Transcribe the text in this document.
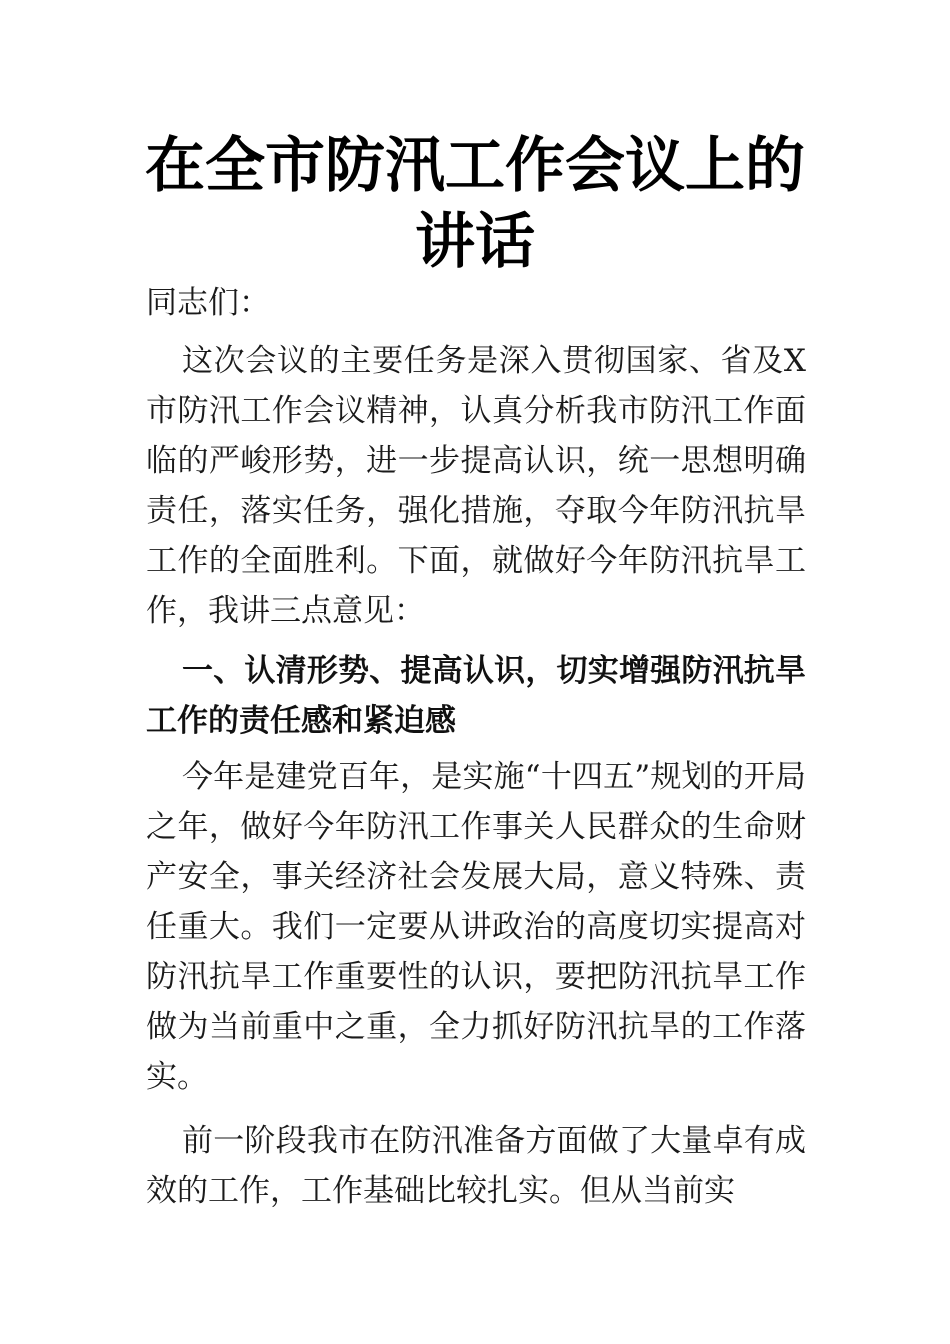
在全市防汛工作会议上的
讲话

同志们：

这次会议的主要任务是深入贯彻国家、省及X市防汛工作会议精神，认真分析我市防汛工作面临的严峻形势，进一步提高认识，统一思想明确责任，落实任务，强化措施，夺取今年防汛抗旱工作的全面胜利。下面，就做好今年防汛抗旱工作，我讲三点意见：

一、认清形势、提高认识，切实增强防汛抗旱工作的责任感和紧迫感

今年是建党百年，是实施“十四五”规划的开局之年，做好今年防汛工作事关人民群众的生命财产安全，事关经济社会发展大局，意义特殊、责任重大。我们一定要从讲政治的高度切实提高对防汛抗旱工作重要性的认识，要把防汛抗旱工作做为当前重中之重，全力抓好防汛抗旱的工作落实。

前一阶段我市在防汛准备方面做了大量卓有成效的工作，工作基础比较扎实。但从当前实
